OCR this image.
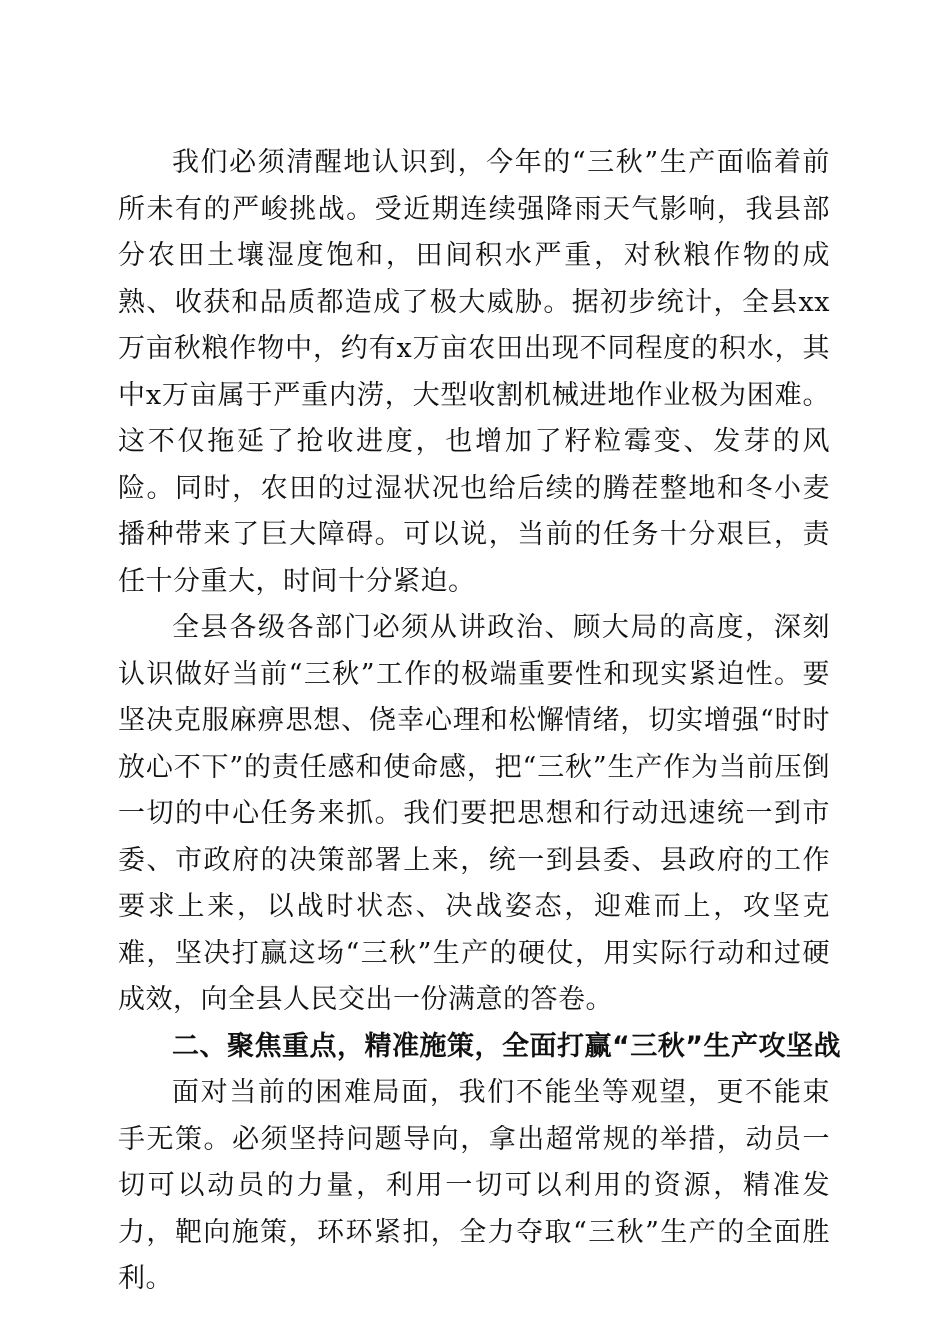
我们必须清醒地认识到，今年的“三秋”生产面临着前所未有的严峻挑战。受近期连续强降雨天气影响，我县部分农田土壤湿度饱和，田间积水严重，对秋粮作物的成熟、收获和品质都造成了极大威胁。据初步统计，全县xx万亩秋粮作物中，约有x万亩农田出现不同程度的积水，其中x万亩属于严重内涝，大型收割机械进地作业极为困难。这不仅拖延了抢收进度，也增加了籽粒霉变、发芽的风险。同时，农田的过湿状况也给后续的腾茬整地和冬小麦播种带来了巨大障碍。可以说，当前的任务十分艰巨，责任十分重大，时间十分紧迫。

全县各级各部门必须从讲政治、顾大局的高度，深刻认识做好当前“三秋”工作的极端重要性和现实紧迫性。要坚决克服麻痹思想、侥幸心理和松懈情绪，切实增强“时时放心不下”的责任感和使命感，把“三秋”生产作为当前压倒一切的中心任务来抓。我们要把思想和行动迅速统一到市委、市政府的决策部署上来，统一到县委、县政府的工作要求上来，以战时状态、决战姿态，迎难而上，攻坚克难，坚决打赢这场“三秋”生产的硬仗，用实际行动和过硬成效，向全县人民交出一份满意的答卷。

二、聚焦重点，精准施策，全面打赢“三秋”生产攻坚战

面对当前的困难局面，我们不能坐等观望，更不能束手无策。必须坚持问题导向，拿出超常规的举措，动员一切可以动员的力量，利用一切可以利用的资源，精准发力，靶向施策，环环紧扣，全力夺取“三秋”生产的全面胜利。
